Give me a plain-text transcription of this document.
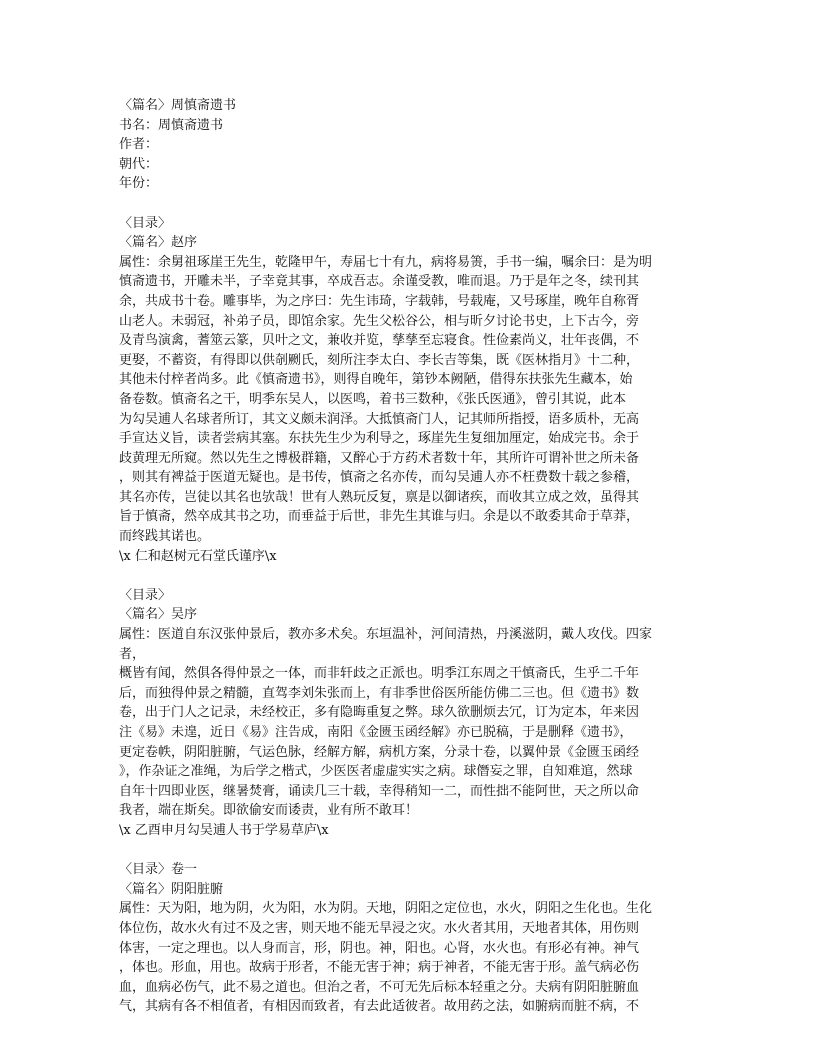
〈篇名〉周慎斋遗书
书名：周慎斋遗书
作者：
朝代：
年份：
〈目录〉
〈篇名〉赵序
属性：余舅祖琢崖王先生，乾隆甲午，寿届七十有九，病将易箦，手书一编，嘱余曰：是为明
慎斋遗书，开雕未半，子幸竟其事，卒成吾志。余谨受教，唯而退。乃于是年之冬，续刊其
余，共成书十卷。雕事毕，为之序曰：先生讳琦，字载韩，号载庵，又号琢崖，晚年自称胥
山老人。未弱冠，补弟子员，即馆余家。先生父松谷公，相与昕夕讨论书史，上下古今，旁
及青鸟演禽，蓍筮云篆，贝叶之文，兼收并览，孳孳至忘寝食。性俭素尚义，壮年丧偶，不
更娶，不蓄资，有得即以供剞劂氏，刻所注李太白、李长吉等集，既《医林指月》十二种，
其他未付梓者尚多。此《慎斋遗书》，则得自晚年，第钞本阙陋，借得东扶张先生藏本，始
备卷数。慎斋名之干，明季东吴人，以医鸣，着书三数种，《张氏医通》，曾引其说，此本
为勾吴逋人名球者所订，其文义颇未润泽。大抵慎斋门人，记其师所指授，语多质朴，无高
手宣达义旨，读者尝病其塞。东扶先生少为利导之，琢崖先生复细加厘定，始成完书。余于
歧黄理无所窥。然以先生之博极群籍，又醉心于方药术者数十年，其所许可谓补世之所未备
，则其有裨益于医道无疑也。是书传，慎斋之名亦传，而勾吴逋人亦不枉费数十载之参稽，
其名亦传，岂徒以其名也欤哉！世有人熟玩反复，禀是以御诸疾，而收其立成之效，虽得其
旨于慎斋，然卒成其书之功，而垂益于后世，非先生其谁与归。余是以不敢委其命于草莽，
而终践其诺也。
\x 仁和赵树元石堂氏谨序\x
〈目录〉
〈篇名〉吴序
属性：医道自东汉张仲景后，教亦多术矣。东垣温补，河间清热，丹溪滋阴，戴人攻伐。四家
者，
概皆有闻，然俱各得仲景之一体，而非轩歧之正派也。明季江东周之干慎斋氏，生乎二千年
后，而独得仲景之精髓，直驾李刘朱张而上，有非季世俗医所能仿佛二三也。但《遗书》数
卷，出于门人之记录，未经校正，多有隐晦重复之弊。球久欲删烦去冗，订为定本，年来因
注《易》未遑，近日《易》注告成，南阳《金匮玉函经解》亦已脱稿，于是删释《遗书》，
更定卷帙，阴阳脏腑，气运色脉，经解方解，病机方案，分录十卷，以翼仲景《金匮玉函经
》，作杂证之准绳，为后学之楷式，少医医者虚虚实实之病。球僭妄之罪，自知难逭，然球
自年十四即业医，继暑焚膏，诵读几三十载，幸得稍知一二，而性拙不能阿世，天之所以命
我者，端在斯矣。即欲偷安而诿责，业有所不敢耳！
\x 乙酉申月勾吴逋人书于学易草庐\x
〈目录〉卷一
〈篇名〉阴阳脏腑
属性：天为阳，地为阴，火为阳，水为阴。天地，阴阳之定位也，水火，阴阳之生化也。生化
体位伤，故水火有过不及之害，则天地不能无旱浸之灾。水火者其用，天地者其体，用伤则
体害，一定之理也。以人身而言，形，阴也。神，阳也。心肾，水火也。有形必有神。神气
，体也。形血，用也。故病于形者，不能无害于神；病于神者，不能无害于形。盖气病必伤
血，血病必伤气，此不易之道也。但治之者，不可无先后标本轻重之分。夫病有阴阳脏腑血
气，其病有各不相值者，有相因而致者，有去此适彼者。故用药之法，如腑病而脏不病，不
